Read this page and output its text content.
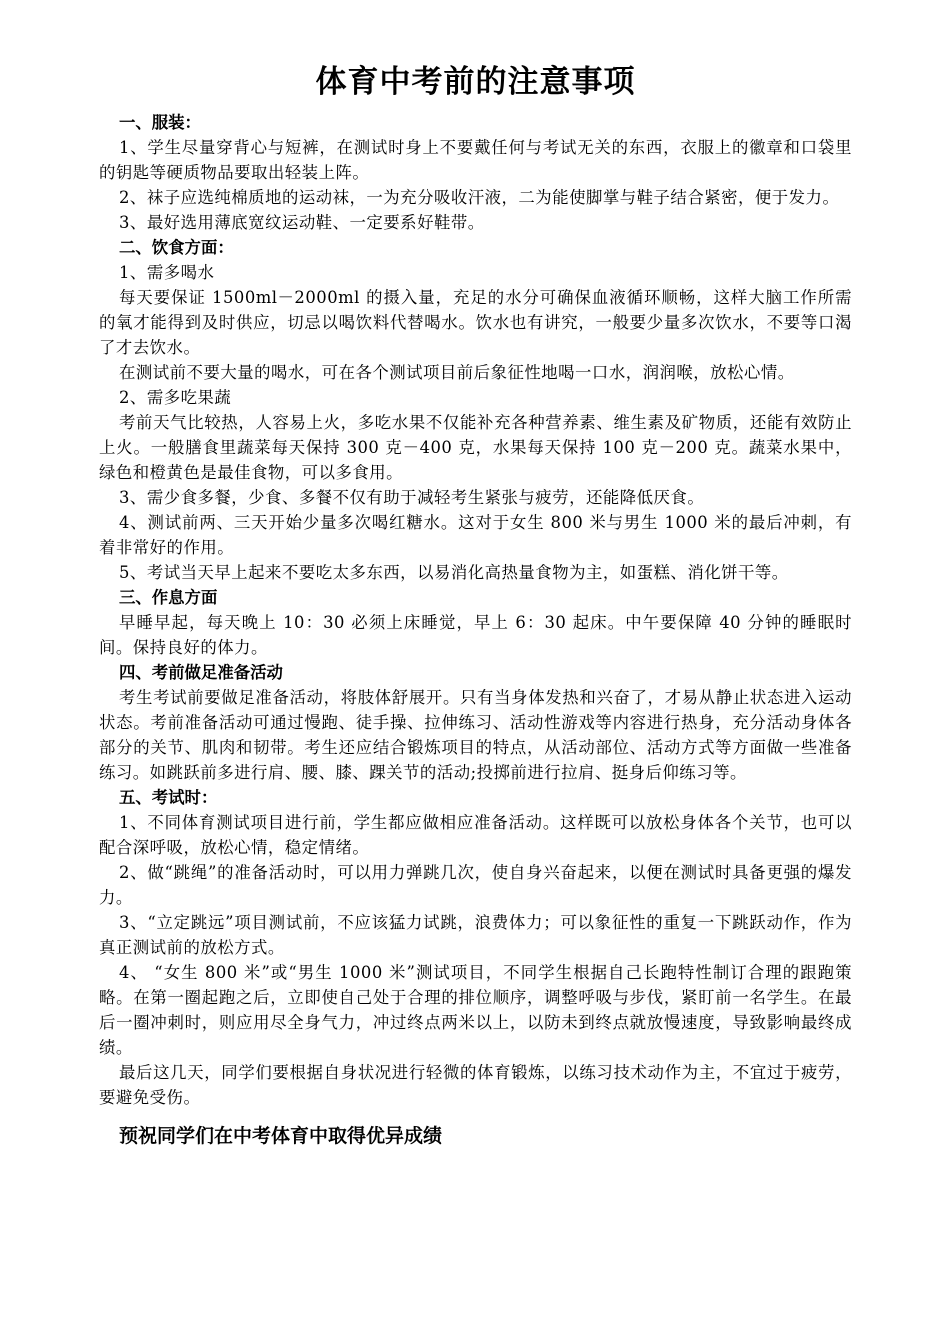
体育中考前的注意事项

一、服装：

1、学生尽量穿背心与短裤，在测试时身上不要戴任何与考试无关的东西，衣服上的徽章和口袋里的钥匙等硬质物品要取出轻装上阵。

2、袜子应选纯棉质地的运动袜，一为充分吸收汗液，二为能使脚掌与鞋子结合紧密，便于发力。

3、最好选用薄底宽纹运动鞋、一定要系好鞋带。

二、饮食方面：

1、需多喝水

每天要保证 1500ml－2000ml 的摄入量，充足的水分可确保血液循环顺畅，这样大脑工作所需的氧才能得到及时供应，切忌以喝饮料代替喝水。饮水也有讲究，一般要少量多次饮水，不要等口渴了才去饮水。

在测试前不要大量的喝水，可在各个测试项目前后象征性地喝一口水，润润喉，放松心情。

2、需多吃果蔬

考前天气比较热，人容易上火，多吃水果不仅能补充各种营养素、维生素及矿物质，还能有效防止上火。一般膳食里蔬菜每天保持 300 克－400 克，水果每天保持 100 克－200 克。蔬菜水果中，绿色和橙黄色是最佳食物，可以多食用。

3、需少食多餐，少食、多餐不仅有助于减轻考生紧张与疲劳，还能降低厌食。

4、测试前两、三天开始少量多次喝红糖水。这对于女生 800 米与男生 1000 米的最后冲刺，有着非常好的作用。

5、考试当天早上起来不要吃太多东西，以易消化高热量食物为主，如蛋糕、消化饼干等。

三、作息方面

早睡早起，每天晚上 10：30 必须上床睡觉，早上 6：30 起床。中午要保障 40 分钟的睡眠时间。保持良好的体力。

四、考前做足准备活动

考生考试前要做足准备活动，将肢体舒展开。只有当身体发热和兴奋了，才易从静止状态进入运动状态。考前准备活动可通过慢跑、徒手操、拉伸练习、活动性游戏等内容进行热身，充分活动身体各部分的关节、肌肉和韧带。考生还应结合锻炼项目的特点，从活动部位、活动方式等方面做一些准备练习。如跳跃前多进行肩、腰、膝、踝关节的活动;投掷前进行拉肩、挺身后仰练习等。

五、考试时：

1、不同体育测试项目进行前，学生都应做相应准备活动。这样既可以放松身体各个关节，也可以配合深呼吸，放松心情，稳定情绪。

2、做“跳绳”的准备活动时，可以用力弹跳几次，使自身兴奋起来，以便在测试时具备更强的爆发力。

3、“立定跳远”项目测试前，不应该猛力试跳，浪费体力；可以象征性的重复一下跳跃动作，作为真正测试前的放松方式。

4、 “女生 800 米”或“男生 1000 米”测试项目，不同学生根据自己长跑特性制订合理的跟跑策略。在第一圈起跑之后，立即使自己处于合理的排位顺序，调整呼吸与步伐，紧盯前一名学生。在最后一圈冲刺时，则应用尽全身气力，冲过终点两米以上，以防未到终点就放慢速度，导致影响最终成绩。

最后这几天，同学们要根据自身状况进行轻微的体育锻炼，以练习技术动作为主，不宜过于疲劳，要避免受伤。

预祝同学们在中考体育中取得优异成绩
